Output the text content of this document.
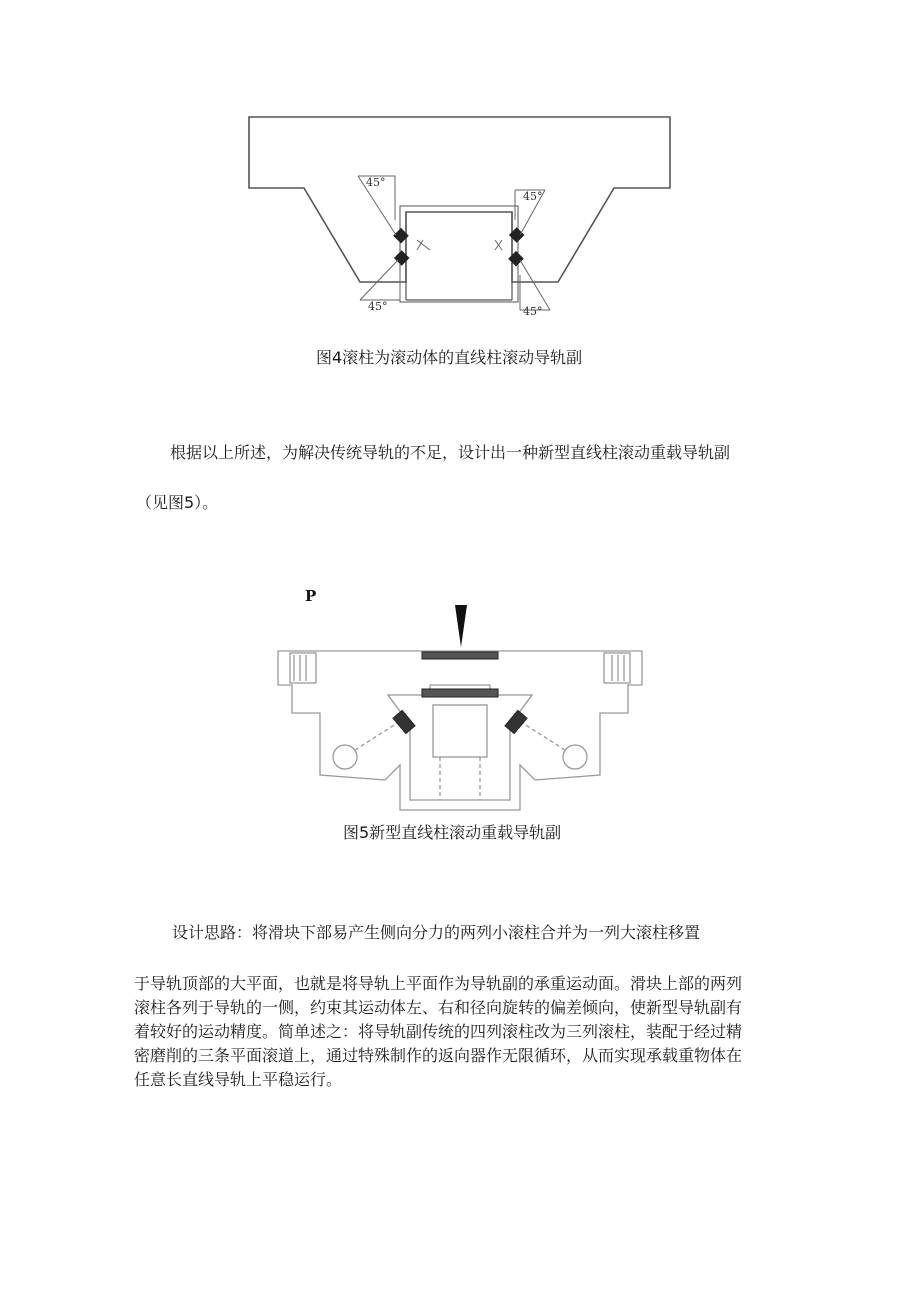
45°
45°
45°	45°
图4滚柱为滚动体的直线柱滚动导轨副
根据以上所述，为解决传统导轨的不足，设计出一种新型直线柱滚动重载导轨副
（见图5）。
P
图5新型直线柱滚动重载导轨副
设计思路：将滑块下部易产生侧向分力的两列小滚柱合并为一列大滚柱移置
于导轨顶部的大平面，也就是将导轨上平面作为导轨副的承重运动面。滑块上部的两列
滚柱各列于导轨的一侧，约束其运动体左、右和径向旋转的偏差倾向，使新型导轨副有
着较好的运动精度。简单述之：将导轨副传统的四列滚柱改为三列滚柱，装配于经过精
密磨削的三条平面滚道上，通过特殊制作的返向器作无限循环，从而实现承载重物体在
任意长直线导轨上平稳运行。
